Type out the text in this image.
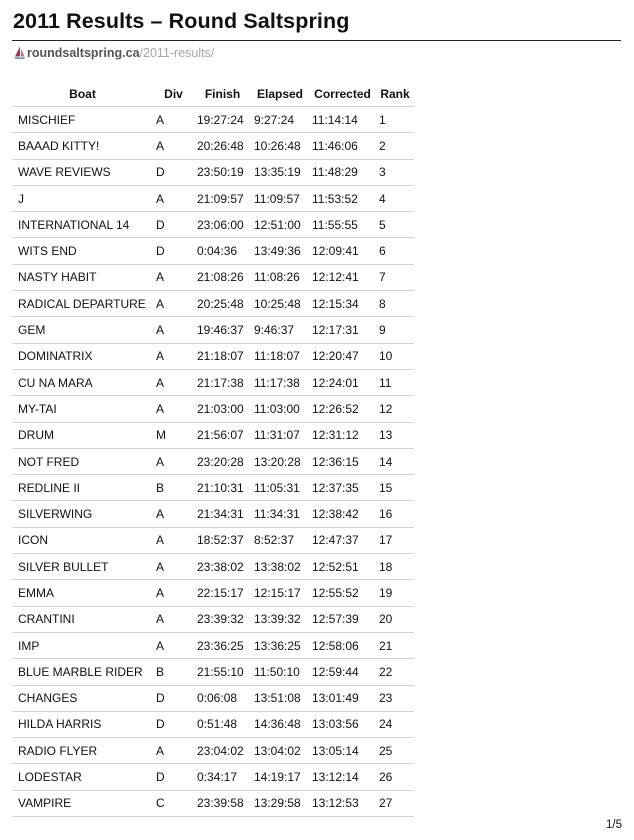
2011 Results – Round Saltspring
roundsaltspring.ca/2011-results/
Boat	Div	Finish	Elapsed	Corrected	Rank
MISCHIEF	A	19:27:24	9:27:24	11:14:14	1
BAAAD KITTY!	A	20:26:48	10:26:48	11:46:06	2
WAVE REVIEWS	D	23:50:19	13:35:19	11:48:29	3
J	A	21:09:57	11:09:57	11:53:52	4
INTERNATIONAL 14	D	23:06:00	12:51:00	11:55:55	5
WITS END	D	0:04:36	13:49:36	12:09:41	6
NASTY HABIT	A	21:08:26	11:08:26	12:12:41	7
RADICAL DEPARTURE	A	20:25:48	10:25:48	12:15:34	8
GEM	A	19:46:37	9:46:37	12:17:31	9
DOMINATRIX	A	21:18:07	11:18:07	12:20:47	10
CU NA MARA	A	21:17:38	11:17:38	12:24:01	11
MY-TAI	A	21:03:00	11:03:00	12:26:52	12
DRUM	M	21:56:07	11:31:07	12:31:12	13
NOT FRED	A	23:20:28	13:20:28	12:36:15	14
REDLINE II	B	21:10:31	11:05:31	12:37:35	15
SILVERWING	A	21:34:31	11:34:31	12:38:42	16
ICON	A	18:52:37	8:52:37	12:47:37	17
SILVER BULLET	A	23:38:02	13:38:02	12:52:51	18
EMMA	A	22:15:17	12:15:17	12:55:52	19
CRANTINI	A	23:39:32	13:39:32	12:57:39	20
IMP	A	23:36:25	13:36:25	12:58:06	21
BLUE MARBLE RIDER	B	21:55:10	11:50:10	12:59:44	22
CHANGES	D	0:06:08	13:51:08	13:01:49	23
HILDA HARRIS	D	0:51:48	14:36:48	13:03:56	24
RADIO FLYER	A	23:04:02	13:04:02	13:05:14	25
LODESTAR	D	0:34:17	14:19:17	13:12:14	26
VAMPIRE	C	23:39:58	13:29:58	13:12:53	27
1/5
